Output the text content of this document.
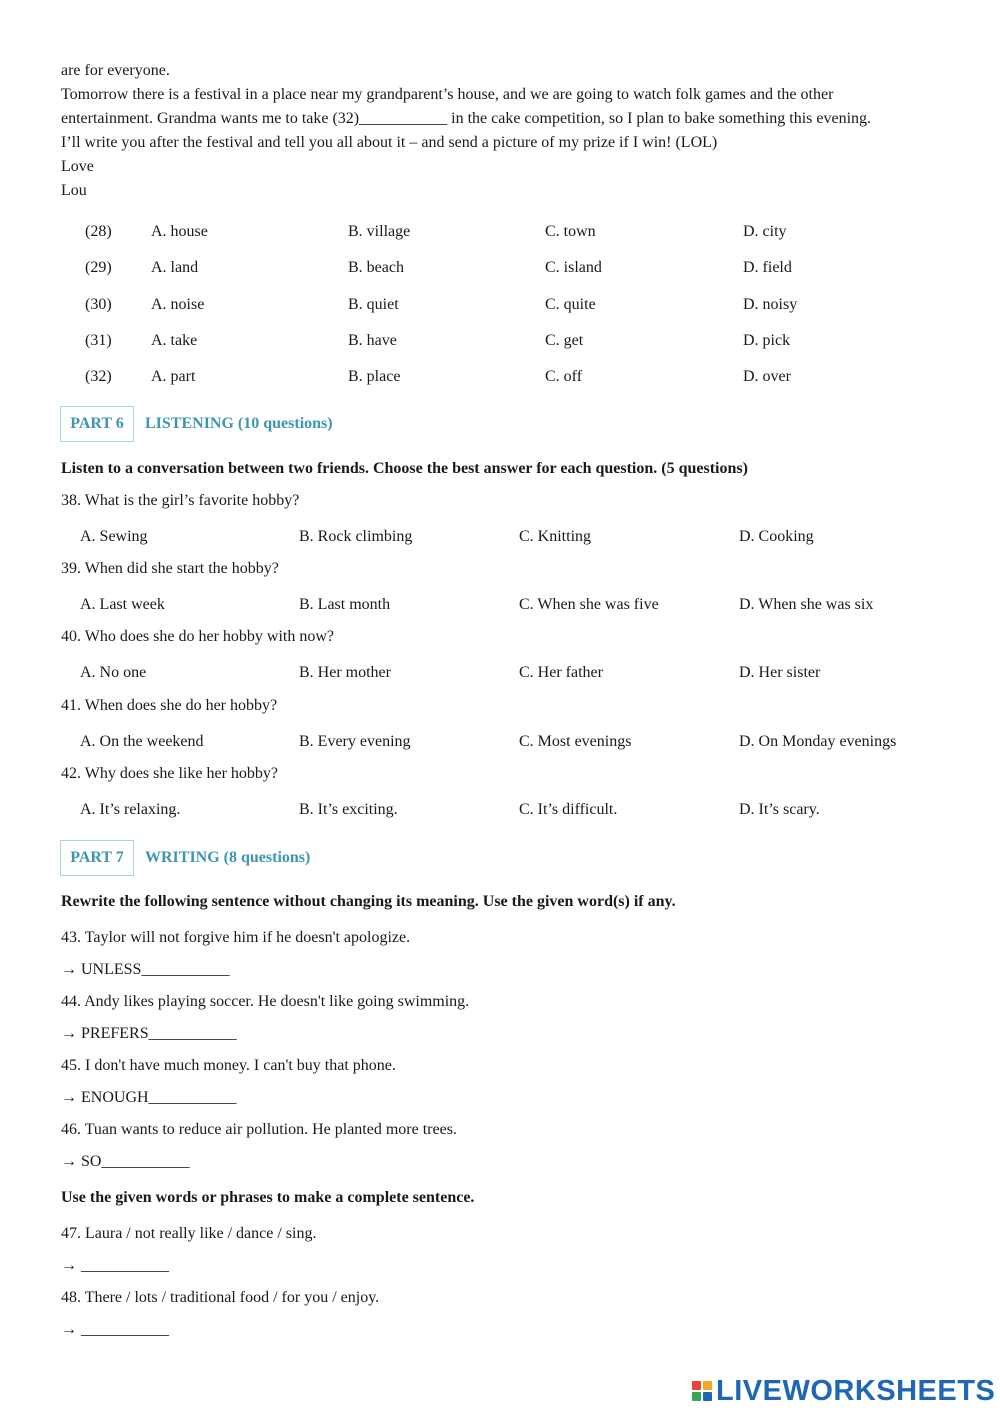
are for everyone.
Tomorrow there is a festival in a place near my grandparent’s house, and we are going to watch folk games and the other
entertainment. Grandma wants me to take (32)___________ in the cake competition, so I plan to bake something this evening.
I’ll write you after the festival and tell you all about it – and send a picture of my prize if I win! (LOL)
Love
Lou
(28) A. house	B. village	C. town	D. city
(29) A. land	B. beach	C. island	D. field
(30) A. noise	B. quiet	C. quite	D. noisy
(31) A. take	B. have	C. get	D. pick
(32) A. part	B. place	C. off	D. over
PART 6	LISTENING (10 questions)
Listen to a conversation between two friends. Choose the best answer for each question. (5 questions)
38. What is the girl’s favorite hobby?
A. Sewing	B. Rock climbing	C. Knitting	D. Cooking
39. When did she start the hobby?
A. Last week	B. Last month	C. When she was five	D. When she was six
40. Who does she do her hobby with now?
A. No one	B. Her mother	C. Her father	D. Her sister
41. When does she do her hobby?
A. On the weekend	B. Every evening	C. Most evenings	D. On Monday evenings
42. Why does she like her hobby?
A. It’s relaxing.	B. It’s exciting.	C. It’s difficult.	D. It’s scary.
PART 7	WRITING (8 questions)
Rewrite the following sentence without changing its meaning. Use the given word(s) if any.
43. Taylor will not forgive him if he doesn't apologize.
→ UNLESS___________
44. Andy likes playing soccer. He doesn't like going swimming.
→ PREFERS___________
45. I don't have much money. I can't buy that phone.
→ ENOUGH___________
46. Tuan wants to reduce air pollution. He planted more trees.
→ SO___________
Use the given words or phrases to make a complete sentence.
47. Laura / not really like / dance / sing.
→ ___________
48. There / lots / traditional food / for you / enjoy.
→ ___________
LIVEWORKSHEETS
